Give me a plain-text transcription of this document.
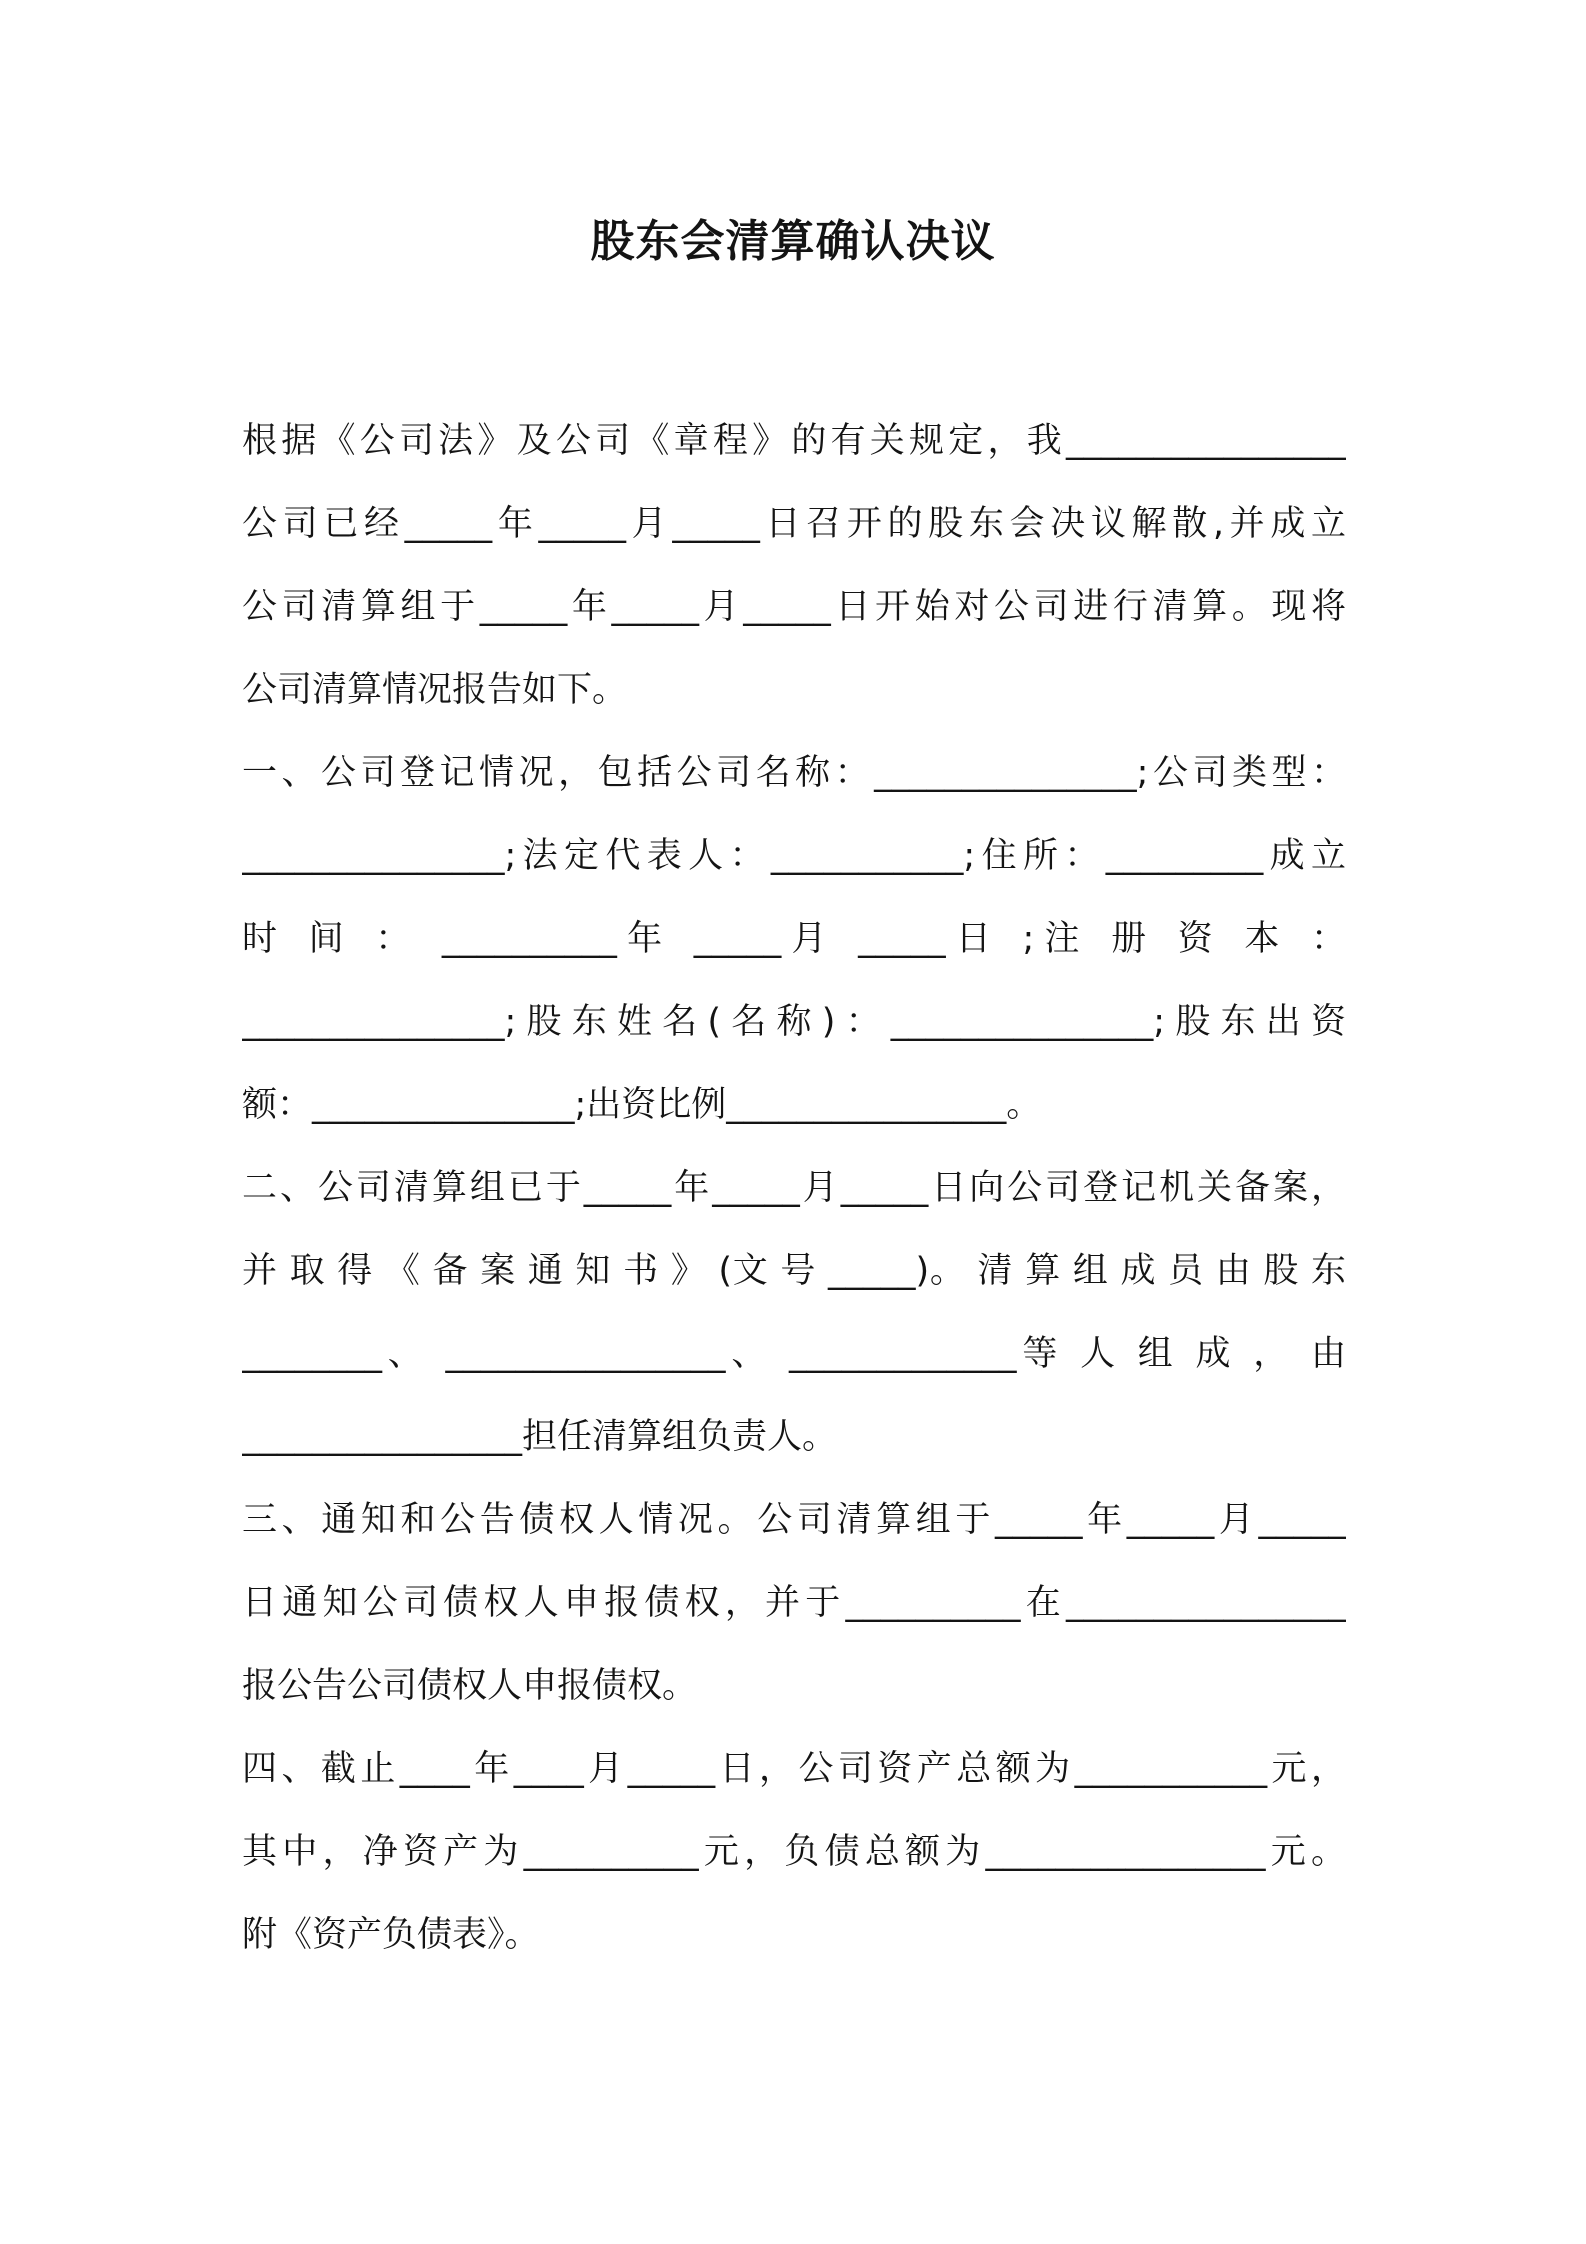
股东会清算确认决议
根据《公司法》及公司《章程》的有关规定，我________________
公司已经_____年_____月_____日召开的股东会决议解散,并成立
公司清算组于_____年_____月_____日开始对公司进行清算。现将
公司清算情况报告如下。
一、公司登记情况，包括公司名称：_______________;公司类型：
_______________;法定代表人：___________;住所：_________成立
时 间 ： __________年 _____月 _____日 ;注 册 资 本 ：
_______________;股东姓名(名称)：_______________;股东出资
额：_______________;出资比例________________。
二、公司清算组已于_____年_____月_____日向公司登记机关备案，
并 取 得 《 备 案 通 知 书 》 (文 号 _____)。 清 算 组 成 员 由 股 东
________、 ________________、 _____________等 人 组 成 ， 由
________________担任清算组负责人。
三、通知和公告债权人情况。公司清算组于_____年_____月_____
日通知公司债权人申报债权，并于__________在________________
报公告公司债权人申报债权。
四、截止____年____月_____日，公司资产总额为___________元，
其中，净资产为__________元，负债总额为________________元。
附《资产负债表》。
